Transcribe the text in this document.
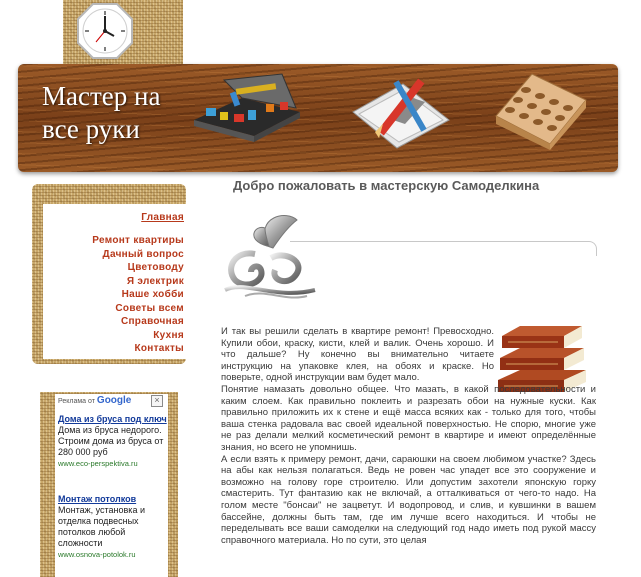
Мастер на
все руки
Главная
Ремонт квартиры
Дачный вопрос
Цветоводу
Я электрик
Наше хобби
Советы всем
Справочная
Кухня
Контакты
Реклама от Google	×
Дома из бруса под ключ
Дома из бруса недорого. Строим дома из бруса от 280 000 руб
www.eco-perspektiva.ru
Монтаж потолков
Монтаж, установка и отделка подвесных потолков любой сложности
www.osnova-potolok.ru
Добро пожаловать в мастерскую Самоделкина

И так вы решили сделать в квартире ремонт! Превосходно. Купили обои, краску, кисти, клей и валик. Очень хорошо. И что дальше? Ну конечно вы внимательно читаете инструкцию на упаковке клея, на обоях и краске. Но поверьте, одной инструкции вам будет мало.

Понятие намазать довольно общее. Что мазать, в какой последовательности и каким слоем. Как правильно поклеить и разрезать обои на нужные куски. Как правильно приложить их к стене и ещё масса всяких как - только для того, чтобы ваша стенка радовала вас своей идеальной поверхностью. Не спорю, многие уже не раз делали мелкий косметический ремонт в квартире и имеют определённые знания, но всего не упомнишь.

А если взять к примеру ремонт, дачи, сараюшки на своем любимом участке? Здесь на абы как нельзя полагаться. Ведь не ровен час упадет все это сооружение и возможно на голову горе строителю. Или допустим захотели японскую горку смастерить. Тут фантазию как не включай, а отталкиваться от чего-то надо. На голом месте "бонсаи" не зацветут. И водопровод, и слив, и кувшинки в вашем бассейне, должны быть там, где им лучше всего находиться. И чтобы не переделывать все ваши самоделки на следующий год надо иметь под рукой массу справочного материала. Но по сути, это целая
